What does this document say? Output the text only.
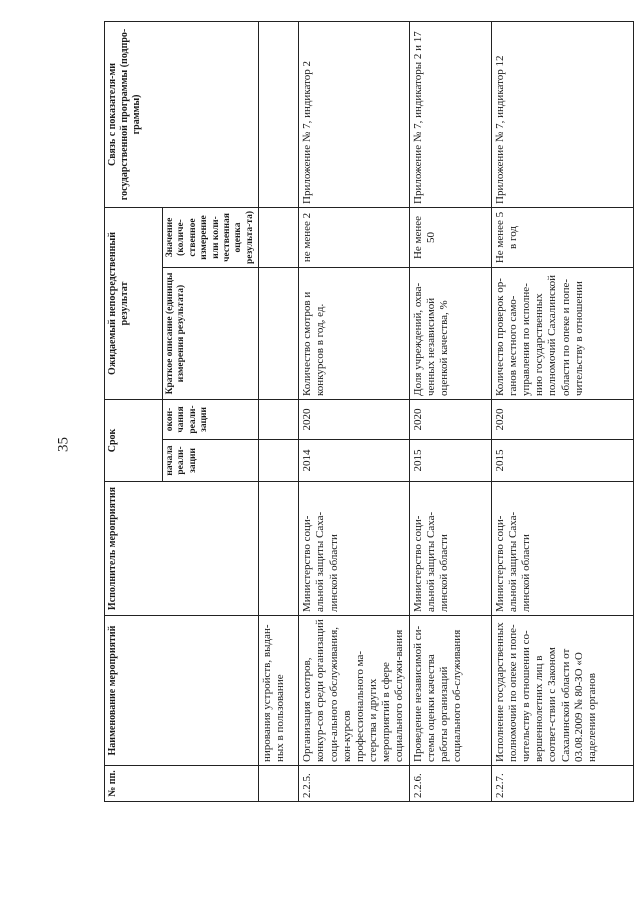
35
№ пп.	Наименование мероприятий	Исполнитель мероприятия	Срок		Ожидаемый непосредственный результат		Связь с показателя-ми государственной программы (подпро-граммы)
			начала реали-зации	окон-чания реали-зации	Краткое описание (единицы измерения результата)	Значение (количе-ственное измерение или коли-чественная оценка результа-та)	
	нирования устройств, выдан-ных в пользование						
2.2.5.	Организация смотров, конкур-сов среди организаций соци-ального обслуживания, кон-курсов профессионального ма-стерства и других мероприятий в сфере социального обслужи-вания	Министерство соци-альной защиты Саха-линской области	2014	2020	Количество смотров и конкурсов в год, ед.	не менее 2	Приложение № 7, индикатор 2
2.2.6.	Проведение независимой си-стемы оценки качества работы организаций социального об-служивания	Министерство соци-альной защиты Саха-линской области	2015	2020	Доля учреждений, охва-ченных независимой оценкой качества, %	Не менее 50	Приложение № 7, индикаторы 2 и 17
2.2.7.	Исполнение государственных полномочий по опеке и попе-чительству в отношении со-вершеннолетних лиц в соответ-ствии с Законом Сахалинской области от 03.08.2009 № 80-ЗО «О наделении органов	Министерство соци-альной защиты Саха-линской области	2015	2020	Количество проверок ор-ганов местного само-управления по исполне-нию государственных полномочий Сахалинской области по опеке и попе-чительству в отношении	Не менее 5 в год	Приложение № 7, индикатор 12
